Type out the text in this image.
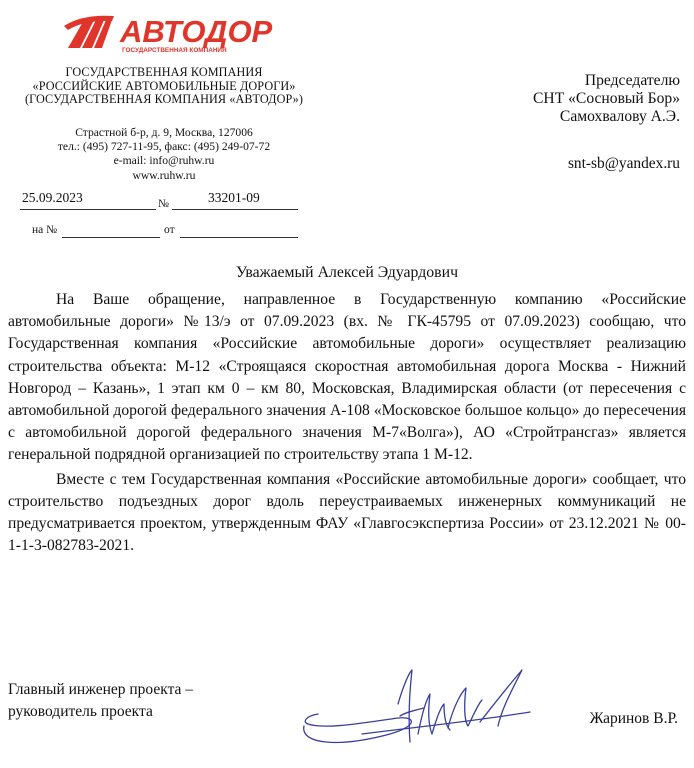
АВТОДОР
ГОСУДАРСТВЕННАЯ КОМПАНИЯ
ГОСУДАРСТВЕННАЯ КОМПАНИЯ
«РОССИЙСКИЕ АВТОМОБИЛЬНЫЕ ДОРОГИ»
(ГОСУДАРСТВЕННАЯ КОМПАНИЯ «АВТОДОР»)
Страстной б-р, д. 9, Москва, 127006
тел.: (495) 727-11-95, факс: (495) 249-07-72
e-mail: info@ruhw.ru
www.ruhw.ru
25.09.2023	№	33201-09
на №	от
Председателю
СНТ «Сосновый Бор»
Самохвалову А.Э.
snt-sb@yandex.ru
Уважаемый Алексей Эдуардович

На Ваше обращение, направленное в Государственную компанию «Российские автомобильные дороги» №13/э от 07.09.2023 (вх. № ГК-45795 от 07.09.2023) сообщаю, что Государственная компания «Российские автомобильные дороги» осуществляет реализацию строительства объекта: М-12 «Строящаяся скоростная автомобильная дорога Москва - Нижний Новгород – Казань», 1 этап км 0 – км 80, Московская, Владимирская области (от пересечения с автомобильной дорогой федерального значения А-108 «Московское большое кольцо» до пересечения с автомобильной дорогой федерального значения М-7«Волга»), АО «Стройтрансгаз» является генеральной подрядной организацией по строительству этапа 1 М-12.

Вместе с тем Государственная компания «Российские автомобильные дороги» сообщает, что строительство подъездных дорог вдоль переустраиваемых инженерных коммуникаций не предусматривается проектом, утвержденным ФАУ «Главгосэкспертиза России» от 23.12.2021 № 00-1-1-3-082783-2021.

Главный инженер проекта –
руководитель проекта	Жаринов В.Р.
